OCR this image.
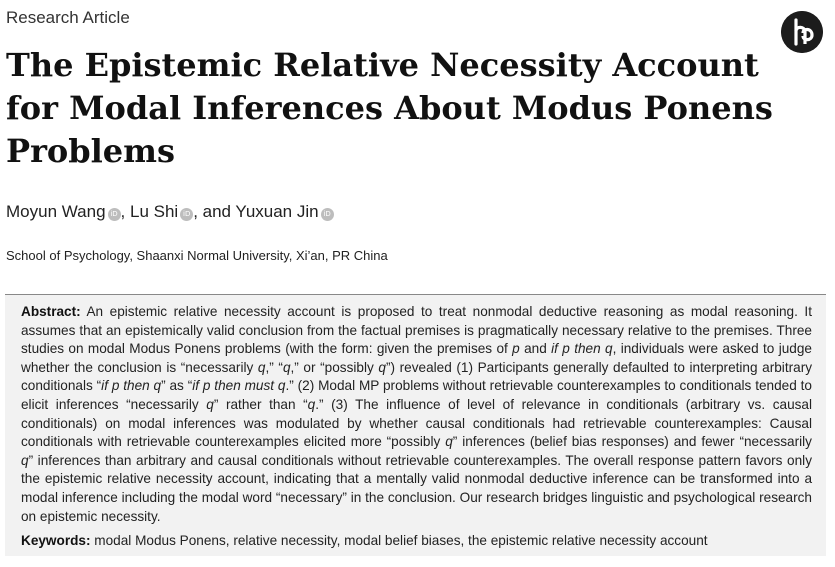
Research Article
The Epistemic Relative Necessity Account for Modal Inferences About Modus Ponens Problems
Moyun Wang iD , Lu Shi iD , and Yuxuan Jin iD
School of Psychology, Shaanxi Normal University, Xi’an, PR China
Abstract: An epistemic relative necessity account is proposed to treat nonmodal deductive reasoning as modal reasoning. It assumes that an epistemically valid conclusion from the factual premises is pragmatically necessary relative to the premises. Three studies on modal Modus Ponens problems (with the form: given the premises of p and if p then q, individuals were asked to judge whether the conclusion is “necessarily q,” “q,” or “possibly q”) revealed (1) Participants generally defaulted to interpreting arbitrary conditionals “if p then q” as “if p then must q.” (2) Modal MP problems without retrievable counterexamples to conditionals tended to elicit inferences “necessarily q” rather than “q.” (3) The influence of level of relevance in conditionals (arbitrary vs. causal conditionals) on modal inferences was modulated by whether causal conditionals had retrievable counterexamples: Causal conditionals with retrievable counterexamples elicited more “possibly q” inferences (belief bias responses) and fewer “necessarily q” inferences than arbitrary and causal conditionals without retrievable counterexamples. The overall response pattern favors only the epistemic relative necessity account, indicating that a mentally valid nonmodal deductive inference can be transformed into a modal inference including the modal word “necessary” in the conclusion. Our research bridges linguistic and psychological research on epistemic necessity.
Keywords: modal Modus Ponens, relative necessity, modal belief biases, the epistemic relative necessity account
